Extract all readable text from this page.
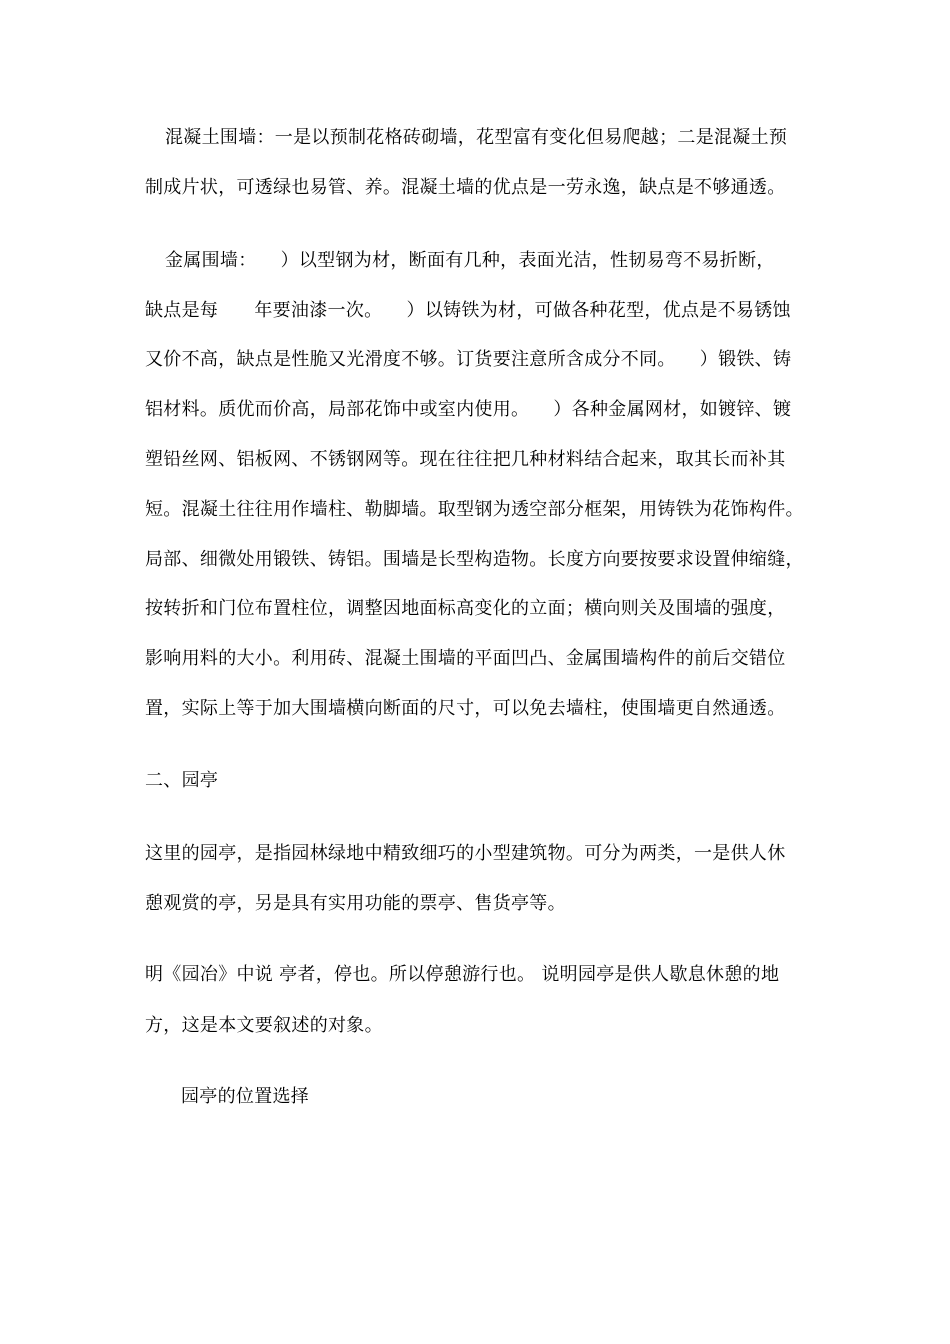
混凝土围墙：一是以预制花格砖砌墙，花型富有变化但易爬越；二是混凝土预
制成片状，可透绿也易管、养。混凝土墙的优点是一劳永逸，缺点是不够通透。
金属围墙：    ）以型钢为材，断面有几种，表面光洁，性韧易弯不易折断，
缺点是每      年要油漆一次。    ）以铸铁为材，可做各种花型，优点是不易锈蚀
又价不高，缺点是性脆又光滑度不够。订货要注意所含成分不同。    ）锻铁、铸
铝材料。质优而价高，局部花饰中或室内使用。    ）各种金属网材，如镀锌、镀
塑铅丝网、铝板网、不锈钢网等。现在往往把几种材料结合起来，取其长而补其
短。混凝土往往用作墙柱、勒脚墙。取型钢为透空部分框架，用铸铁为花饰构件。
局部、细微处用锻铁、铸铝。围墙是长型构造物。长度方向要按要求设置伸缩缝，
按转折和门位布置柱位，调整因地面标高变化的立面；横向则关及围墙的强度，
影响用料的大小。利用砖、混凝土围墙的平面凹凸、金属围墙构件的前后交错位
置，实际上等于加大围墙横向断面的尺寸，可以免去墙柱，使围墙更自然通透。
二、园亭
这里的园亭，是指园林绿地中精致细巧的小型建筑物。可分为两类，一是供人休
憩观赏的亭，另是具有实用功能的票亭、售货亭等。
明《园冶》中说 亭者，停也。所以停憩游行也。 说明园亭是供人歇息休憩的地
方，这是本文要叙述的对象。
园亭的位置选择
